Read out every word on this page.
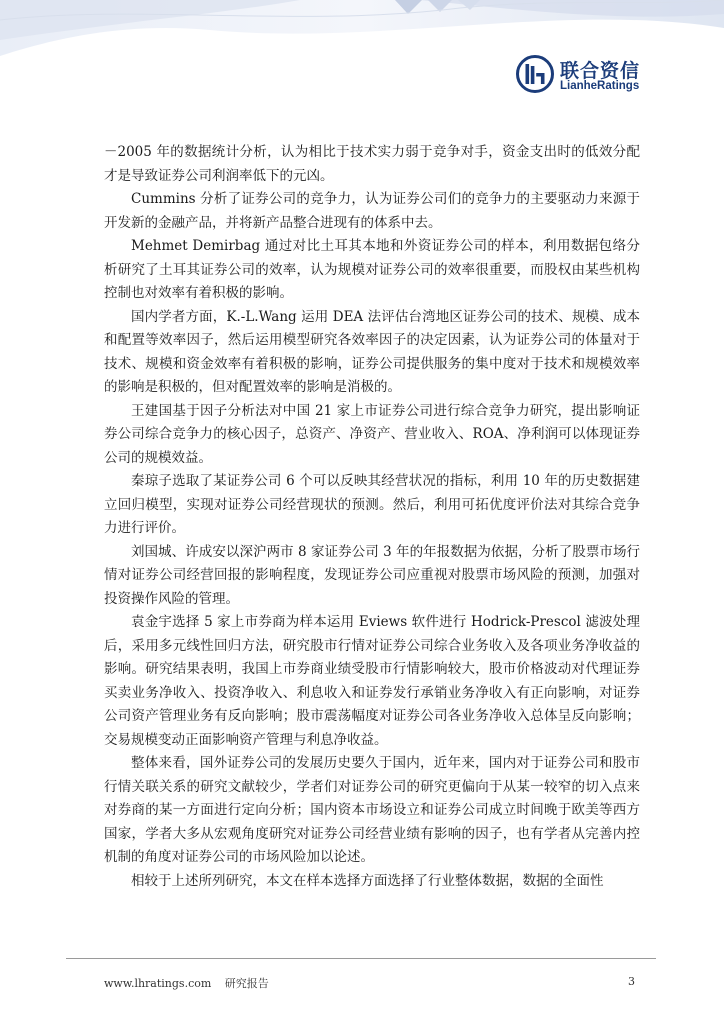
联合资信
LianheRatings

－2005 年的数据统计分析，认为相比于技术实力弱于竞争对手，资金支出时的低效分配才是导致证券公司利润率低下的元凶。

Cummins 分析了证券公司的竞争力，认为证券公司们的竞争力的主要驱动力来源于开发新的金融产品，并将新产品整合进现有的体系中去。

Mehmet Demirbag 通过对比土耳其本地和外资证券公司的样本，利用数据包络分析研究了土耳其证券公司的效率，认为规模对证券公司的效率很重要，而股权由某些机构控制也对效率有着积极的影响。

国内学者方面，K.-L.Wang 运用 DEA 法评估台湾地区证券公司的技术、规模、成本和配置等效率因子，然后运用模型研究各效率因子的决定因素，认为证券公司的体量对于技术、规模和资金效率有着积极的影响，证券公司提供服务的集中度对于技术和规模效率的影响是积极的，但对配置效率的影响是消极的。

王建国基于因子分析法对中国 21 家上市证券公司进行综合竞争力研究，提出影响证券公司综合竞争力的核心因子，总资产、净资产、营业收入、ROA、净利润可以体现证券公司的规模效益。

秦琼子选取了某证券公司 6 个可以反映其经营状况的指标，利用 10 年的历史数据建立回归模型，实现对证券公司经营现状的预测。然后，利用可拓优度评价法对其综合竞争力进行评价。

刘国城、许成安以深沪两市 8 家证券公司 3 年的年报数据为依据，分析了股票市场行情对证券公司经营回报的影响程度，发现证券公司应重视对股票市场风险的预测，加强对投资操作风险的管理。

袁金宇选择 5 家上市券商为样本运用 Eviews 软件进行 Hodrick-Prescol 滤波处理后，采用多元线性回归方法，研究股市行情对证券公司综合业务收入及各项业务净收益的影响。研究结果表明，我国上市券商业绩受股市行情影响较大，股市价格波动对代理证券买卖业务净收入、投资净收入、利息收入和证券发行承销业务净收入有正向影响，对证券公司资产管理业务有反向影响；股市震荡幅度对证券公司各业务净收入总体呈反向影响；交易规模变动正面影响资产管理与利息净收益。

整体来看，国外证券公司的发展历史要久于国内，近年来，国内对于证券公司和股市行情关联关系的研究文献较少，学者们对证券公司的研究更偏向于从某一较窄的切入点来对券商的某一方面进行定向分析；国内资本市场设立和证券公司成立时间晚于欧美等西方国家，学者大多从宏观角度研究对证券公司经营业绩有影响的因子，也有学者从完善内控机制的角度对证券公司的市场风险加以论述。

相较于上述所列研究，本文在样本选择方面选择了行业整体数据，数据的全面性

www.lhratings.com 研究报告	3
